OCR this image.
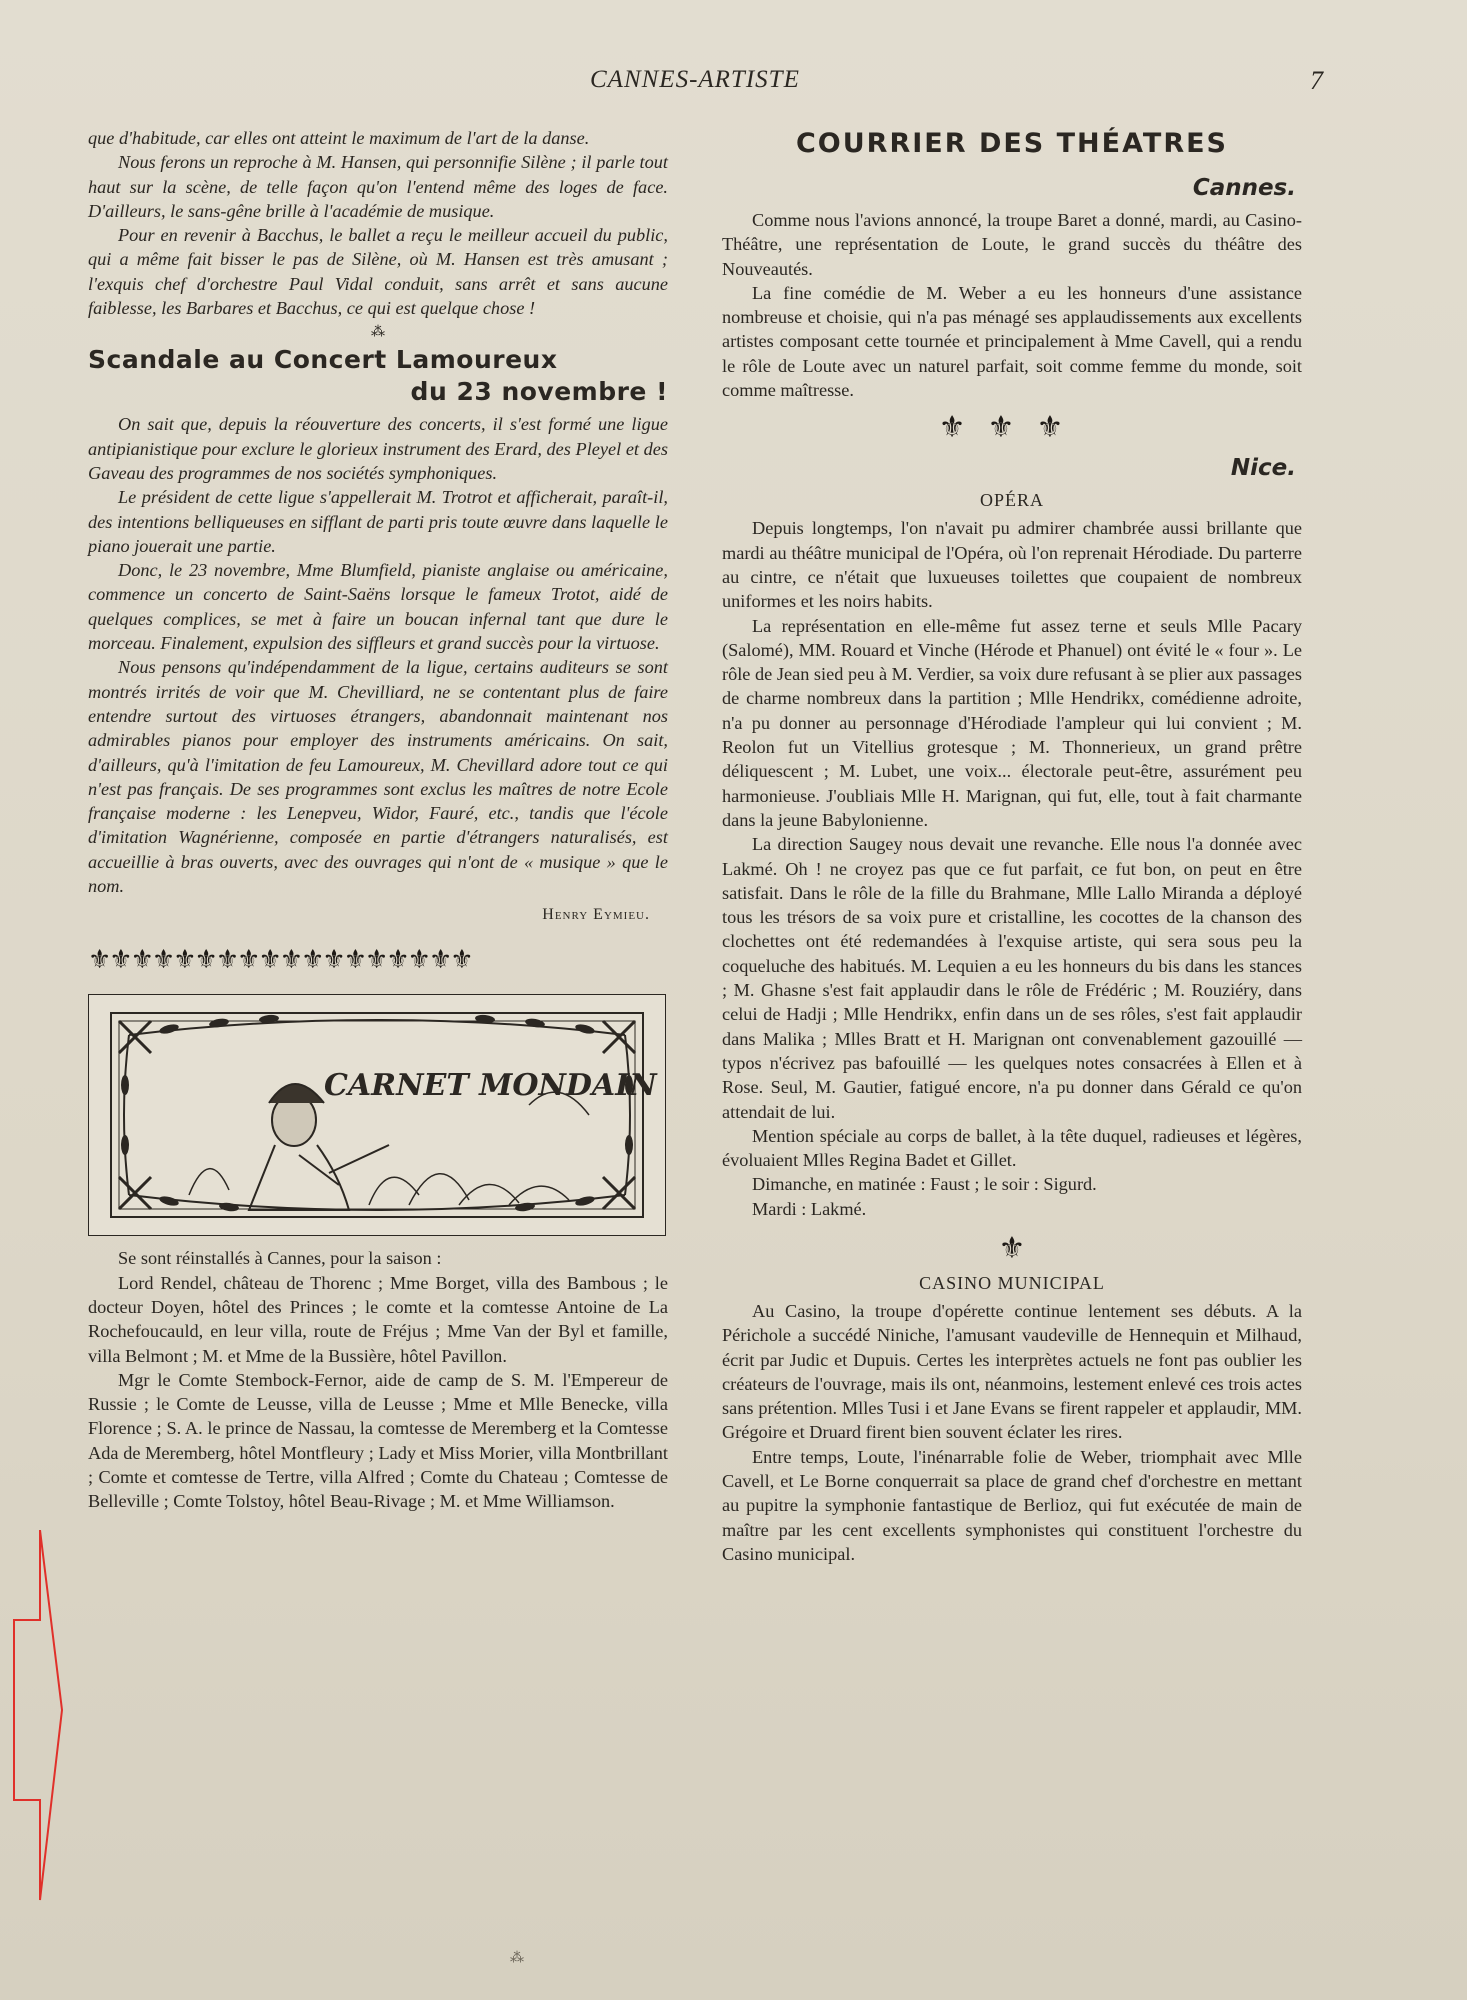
CANNES-ARTISTE	7

que d'habitude, car elles ont atteint le maximum de l'art de la danse.

Nous ferons un reproche à M. Hansen, qui personnifie Silène ; il parle tout haut sur la scène, de telle façon qu'on l'entend même des loges de face. D'ailleurs, le sans-gêne brille à l'académie de musique.

Pour en revenir à Bacchus, le ballet a reçu le meilleur accueil du public, qui a même fait bisser le pas de Silène, où M. Hansen est très amusant ; l'exquis chef d'orchestre Paul Vidal conduit, sans arrêt et sans aucune faiblesse, les Barbares et Bacchus, ce qui est quelque chose !

⁂
Scandale au Concert Lamoureux
du 23 novembre !

On sait que, depuis la réouverture des concerts, il s'est formé une ligue antipianistique pour exclure le glorieux instrument des Erard, des Pleyel et des Gaveau des programmes de nos sociétés symphoniques.

Le président de cette ligue s'appellerait M. Trotrot et afficherait, paraît-il, des intentions belliqueuses en sifflant de parti pris toute œuvre dans laquelle le piano jouerait une partie.

Donc, le 23 novembre, Mme Blumfield, pianiste anglaise ou américaine, commence un concerto de Saint-Saëns lorsque le fameux Trotot, aidé de quelques complices, se met à faire un boucan infernal tant que dure le morceau. Finalement, expulsion des siffleurs et grand succès pour la virtuose.

Nous pensons qu'indépendamment de la ligue, certains auditeurs se sont montrés irrités de voir que M. Chevilliard, ne se contentant plus de faire entendre surtout des virtuoses étrangers, abandonnait maintenant nos admirables pianos pour employer des instruments américains. On sait, d'ailleurs, qu'à l'imitation de feu Lamoureux, M. Chevillard adore tout ce qui n'est pas français. De ses programmes sont exclus les maîtres de notre Ecole française moderne : les Lenepveu, Widor, Fauré, etc., tandis que l'école d'imitation Wagnérienne, composée en partie d'étrangers naturalisés, est accueillie à bras ouverts, avec des ouvrages qui n'ont de « musique » que le nom.

Henry Eymieu.
⚜⚜⚜⚜⚜⚜⚜⚜⚜⚜⚜⚜⚜⚜⚜⚜⚜⚜
CARNET MONDAIN

Se sont réinstallés à Cannes, pour la saison :

Lord Rendel, château de Thorenc ; Mme Borget, villa des Bambous ; le docteur Doyen, hôtel des Princes ; le comte et la comtesse Antoine de La Rochefoucauld, en leur villa, route de Fréjus ; Mme Van der Byl et famille, villa Belmont ; M. et Mme de la Bussière, hôtel Pavillon.

Mgr le Comte Stembock-Fernor, aide de camp de S. M. l'Empereur de Russie ; le Comte de Leusse, villa de Leusse ; Mme et Mlle Benecke, villa Florence ; S. A. le prince de Nassau, la comtesse de Meremberg et la Comtesse Ada de Meremberg, hôtel Montfleury ; Lady et Miss Morier, villa Montbrillant ; Comte et comtesse de Tertre, villa Alfred ; Comte du Chateau ; Comtesse de Belleville ; Comte Tolstoy, hôtel Beau-Rivage ; M. et Mme Williamson.

COURRIER DES THÉATRES
Cannes.

Comme nous l'avions annoncé, la troupe Baret a donné, mardi, au Casino-Théâtre, une représentation de Loute, le grand succès du théâtre des Nouveautés.

La fine comédie de M. Weber a eu les honneurs d'une assistance nombreuse et choisie, qui n'a pas ménagé ses applaudissements aux excellents artistes composant cette tournée et principalement à Mme Cavell, qui a rendu le rôle de Loute avec un naturel parfait, soit comme femme du monde, soit comme maîtresse.

⚜⚜⚜
Nice.
OPÉRA

Depuis longtemps, l'on n'avait pu admirer chambrée aussi brillante que mardi au théâtre municipal de l'Opéra, où l'on reprenait Hérodiade. Du parterre au cintre, ce n'était que luxueuses toilettes que coupaient de nombreux uniformes et les noirs habits.

La représentation en elle-même fut assez terne et seuls Mlle Pacary (Salomé), MM. Rouard et Vinche (Hérode et Phanuel) ont évité le « four ». Le rôle de Jean sied peu à M. Verdier, sa voix dure refusant à se plier aux passages de charme nombreux dans la partition ; Mlle Hendrikx, comédienne adroite, n'a pu donner au personnage d'Hérodiade l'ampleur qui lui convient ; M. Reolon fut un Vitellius grotesque ; M. Thonnerieux, un grand prêtre déliquescent ; M. Lubet, une voix... électorale peut-être, assurément peu harmonieuse. J'oubliais Mlle H. Marignan, qui fut, elle, tout à fait charmante dans la jeune Babylonienne.

La direction Saugey nous devait une revanche. Elle nous l'a donnée avec Lakmé. Oh ! ne croyez pas que ce fut parfait, ce fut bon, on peut en être satisfait. Dans le rôle de la fille du Brahmane, Mlle Lallo Miranda a déployé tous les trésors de sa voix pure et cristalline, les cocottes de la chanson des clochettes ont été redemandées à l'exquise artiste, qui sera sous peu la coqueluche des habitués. M. Lequien a eu les honneurs du bis dans les stances ; M. Ghasne s'est fait applaudir dans le rôle de Frédéric ; M. Rouziéry, dans celui de Hadji ; Mlle Hendrikx, enfin dans un de ses rôles, s'est fait applaudir dans Malika ; Mlles Bratt et H. Marignan ont convenablement gazouillé — typos n'écrivez pas bafouillé — les quelques notes consacrées à Ellen et à Rose. Seul, M. Gautier, fatigué encore, n'a pu donner dans Gérald ce qu'on attendait de lui.

Mention spéciale au corps de ballet, à la tête duquel, radieuses et légères, évoluaient Mlles Regina Badet et Gillet.

Dimanche, en matinée : Faust ; le soir : Sigurd.

Mardi : Lakmé.

⚜
CASINO MUNICIPAL

Au Casino, la troupe d'opérette continue lentement ses débuts. A la Périchole a succédé Niniche, l'amusant vaudeville de Hennequin et Milhaud, écrit par Judic et Dupuis. Certes les interprètes actuels ne font pas oublier les créateurs de l'ouvrage, mais ils ont, néanmoins, lestement enlevé ces trois actes sans prétention. Mlles Tusi i et Jane Evans se firent rappeler et applaudir, MM. Grégoire et Druard firent bien souvent éclater les rires.

Entre temps, Loute, l'inénarrable folie de Weber, triomphait avec Mlle Cavell, et Le Borne conquerrait sa place de grand chef d'orchestre en mettant au pupitre la symphonie fantastique de Berlioz, qui fut exécutée de main de maître par les cent excellents symphonistes qui constituent l'orchestre du Casino municipal.

⁂
